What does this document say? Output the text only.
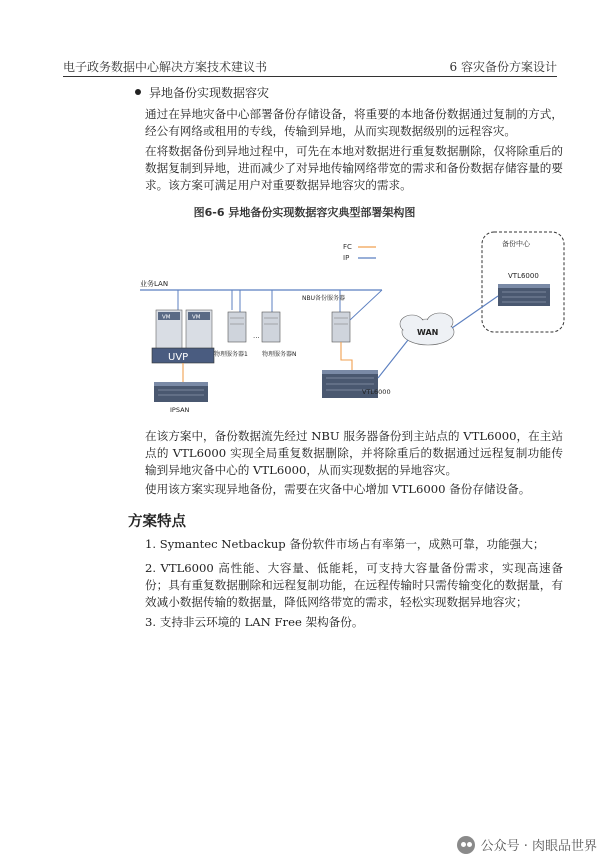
电子政务数据中心解决方案技术建议书	6 容灾备份方案设计
异地备份实现数据容灾
通过在异地灾备中心部署备份存储设备，将重要的本地备份数据通过复制的方式，经公有网络或租用的专线，传输到异地，从而实现数据级别的远程容灾。
在将数据备份到异地过程中，可先在本地对数据进行重复数据删除，仅将除重后的数据复制到异地，进而减少了对异地传输网络带宽的需求和备份数据存储容量的要求。该方案可满足用户对重要数据异地容灾的需求。
图6-6 异地备份实现数据容灾典型部署架构图
FC
IP
备份中心
VTL6000
业务LAN
VM	VM
UVP
...
物理服务器1 物理服务器N
NBU备份服务器
IPSAN
VTL6000
WAN
在该方案中，备份数据流先经过 NBU 服务器备份到主站点的 VTL6000，在主站点的 VTL6000 实现全局重复数据删除，并将除重后的数据通过远程复制功能传输到异地灾备中心的 VTL6000，从而实现数据的异地容灾。
使用该方案实现异地备份，需要在灾备中心增加 VTL6000 备份存储设备。
方案特点
1. Symantec Netbackup 备份软件市场占有率第一，成熟可靠，功能强大；
2. VTL6000 高性能、大容量、低能耗，可支持大容量备份需求，实现高速备份；具有重复数据删除和远程复制功能，在远程传输时只需传输变化的数据量，有效减小数据传输的数据量，降低网络带宽的需求，轻松实现数据异地容灾；
3. 支持非云环境的 LAN Free 架构备份。
公众号 · 肉眼品世界
